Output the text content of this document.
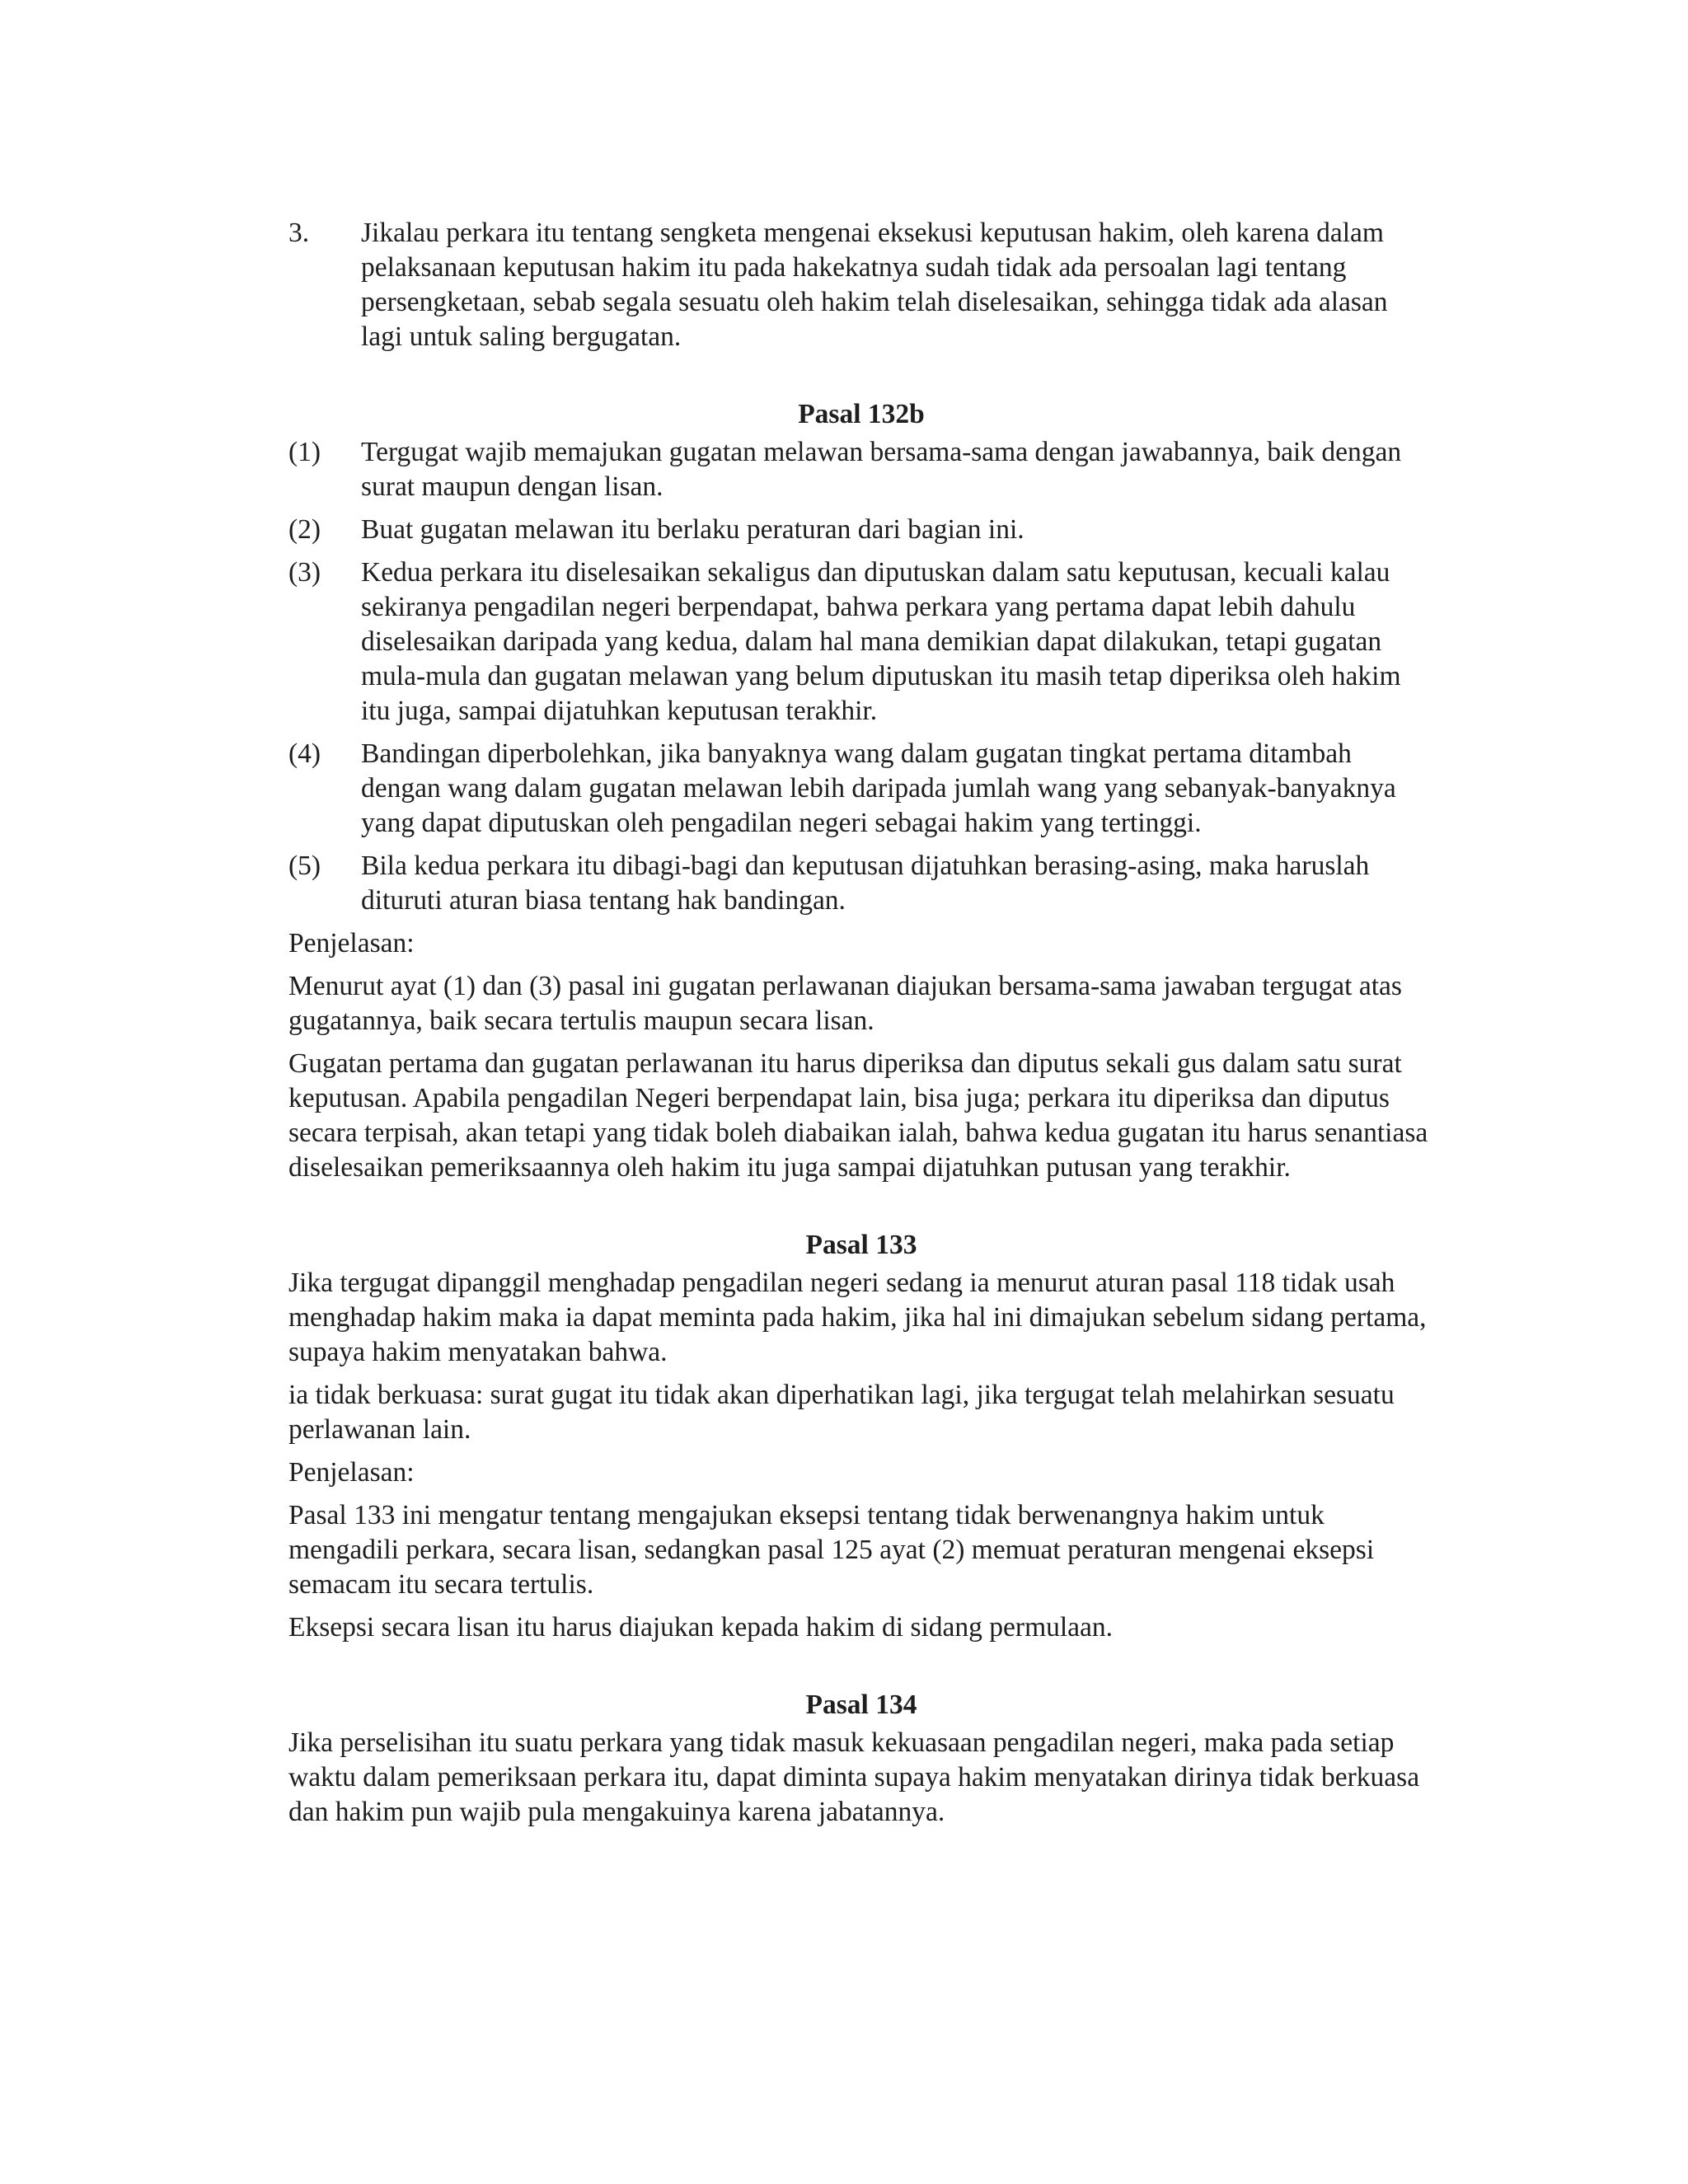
3.	Jikalau perkara itu tentang sengketa mengenai eksekusi keputusan hakim, oleh karena dalam pelaksanaan keputusan hakim itu pada hakekatnya sudah tidak ada persoalan lagi tentang persengketaan, sebab segala sesuatu oleh hakim telah diselesaikan, sehingga tidak ada alasan lagi untuk saling bergugatan.
Pasal 132b
(1)	Tergugat wajib memajukan gugatan melawan bersama-sama dengan jawabannya, baik dengan surat maupun dengan lisan.
(2)	Buat gugatan melawan itu berlaku peraturan dari bagian ini.
(3)	Kedua perkara itu diselesaikan sekaligus dan diputuskan dalam satu keputusan, kecuali kalau sekiranya pengadilan negeri berpendapat, bahwa perkara yang pertama dapat lebih dahulu diselesaikan daripada yang kedua, dalam hal mana demikian dapat dilakukan, tetapi gugatan mula-mula dan gugatan melawan yang belum diputuskan itu masih tetap diperiksa oleh hakim itu juga, sampai dijatuhkan keputusan terakhir.
(4)	Bandingan diperbolehkan, jika banyaknya wang dalam gugatan tingkat pertama ditambah dengan wang dalam gugatan melawan lebih daripada jumlah wang yang sebanyak-banyaknya yang dapat diputuskan oleh pengadilan negeri sebagai hakim yang tertinggi.
(5)	Bila kedua perkara itu dibagi-bagi dan keputusan dijatuhkan berasing-asing, maka haruslah dituruti aturan biasa tentang hak bandingan.

Penjelasan:

Menurut ayat (1) dan (3) pasal ini gugatan perlawanan diajukan bersama-sama jawaban tergugat atas gugatannya, baik secara tertulis maupun secara lisan.

Gugatan pertama dan gugatan perlawanan itu harus diperiksa dan diputus sekali gus dalam satu surat keputusan. Apabila pengadilan Negeri berpendapat lain, bisa juga; perkara itu diperiksa dan diputus secara terpisah, akan tetapi yang tidak boleh diabaikan ialah, bahwa kedua gugatan itu harus senantiasa diselesaikan pemeriksaannya oleh hakim itu juga sampai dijatuhkan putusan yang terakhir.

Pasal 133

Jika tergugat dipanggil menghadap pengadilan negeri sedang ia menurut aturan pasal 118 tidak usah menghadap hakim maka ia dapat meminta pada hakim, jika hal ini dimajukan sebelum sidang pertama, supaya hakim menyatakan bahwa.

ia tidak berkuasa: surat gugat itu tidak akan diperhatikan lagi, jika tergugat telah melahirkan sesuatu perlawanan lain.

Penjelasan:

Pasal 133 ini mengatur tentang mengajukan eksepsi tentang tidak berwenangnya hakim untuk mengadili perkara, secara lisan, sedangkan pasal 125 ayat (2) memuat peraturan mengenai eksepsi semacam itu secara tertulis.

Eksepsi secara lisan itu harus diajukan kepada hakim di sidang permulaan.

Pasal 134

Jika perselisihan itu suatu perkara yang tidak masuk kekuasaan pengadilan negeri, maka pada setiap waktu dalam pemeriksaan perkara itu, dapat diminta supaya hakim menyatakan dirinya tidak berkuasa dan hakim pun wajib pula mengakuinya karena jabatannya.
